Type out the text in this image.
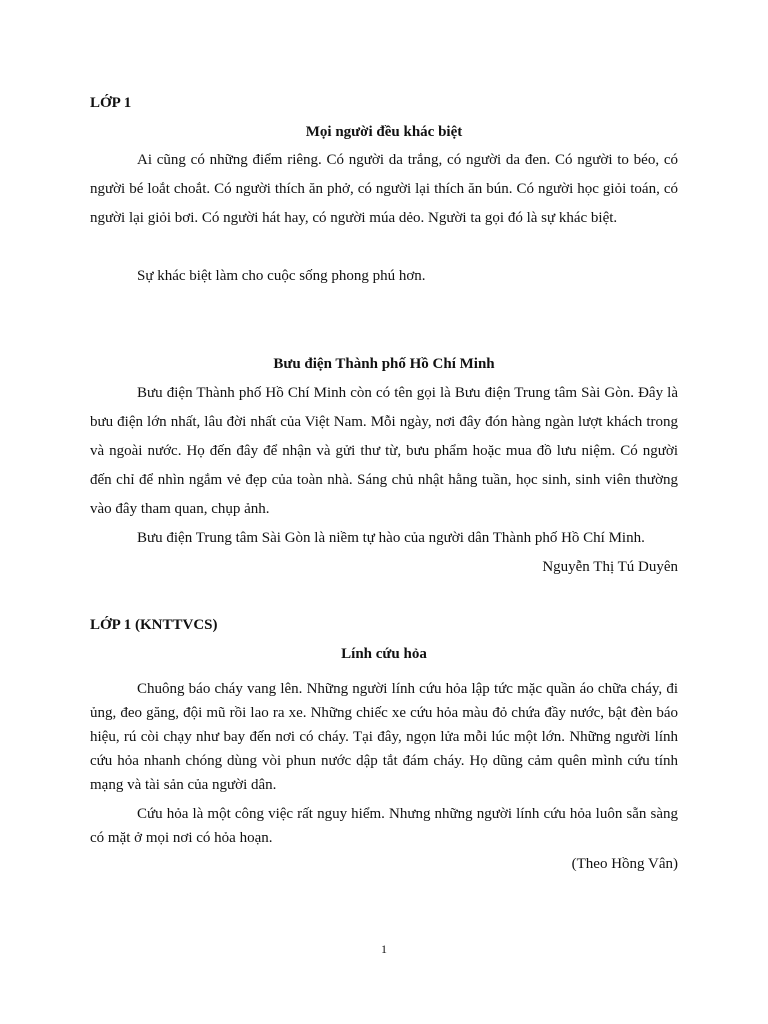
LỚP 1

Mọi người đều khác biệt

Ai cũng có những điểm riêng. Có người da trắng, có người da đen. Có người to béo, có người bé loắt choắt. Có người thích ăn phở, có người lại thích ăn bún. Có người học giỏi toán, có người lại giỏi bơi. Có người hát hay, có người múa dẻo. Người ta gọi đó là sự khác biệt.

Sự khác biệt làm cho cuộc sống phong phú hơn.

Bưu điện Thành phố Hồ Chí Minh

Bưu điện Thành phố Hồ Chí Minh còn có tên gọi là Bưu điện Trung tâm Sài Gòn. Đây là bưu điện lớn nhất, lâu đời nhất của Việt Nam. Mỗi ngày, nơi đây đón hàng ngàn lượt khách trong và ngoài nước. Họ đến đây để nhận và gửi thư từ, bưu phẩm hoặc mua đồ lưu niệm. Có người đến chỉ để nhìn ngắm vẻ đẹp của toàn nhà. Sáng chủ nhật hằng tuần, học sinh, sinh viên thường vào đây tham quan, chụp ảnh.

Bưu điện Trung tâm Sài Gòn là niềm tự hào của người dân Thành phố Hồ Chí Minh.

Nguyễn Thị Tú Duyên

LỚP 1 (KNTTVCS)

Lính cứu hỏa

Chuông báo cháy vang lên. Những người lính cứu hỏa lập tức mặc quần áo chữa cháy, đi ủng, đeo găng, đội mũ rồi lao ra xe. Những chiếc xe cứu hỏa màu đỏ chứa đầy nước, bật đèn báo hiệu, rú còi chạy như bay đến nơi có cháy. Tại đây, ngọn lửa mỗi lúc một lớn. Những người lính cứu hỏa nhanh chóng dùng vòi phun nước dập tắt đám cháy. Họ dũng cảm quên mình cứu tính mạng và tài sản của người dân.

Cứu hỏa là một công việc rất nguy hiểm. Nhưng những người lính cứu hỏa luôn sẵn sàng có mặt ở mọi nơi có hỏa hoạn.

(Theo Hồng Vân)

1
